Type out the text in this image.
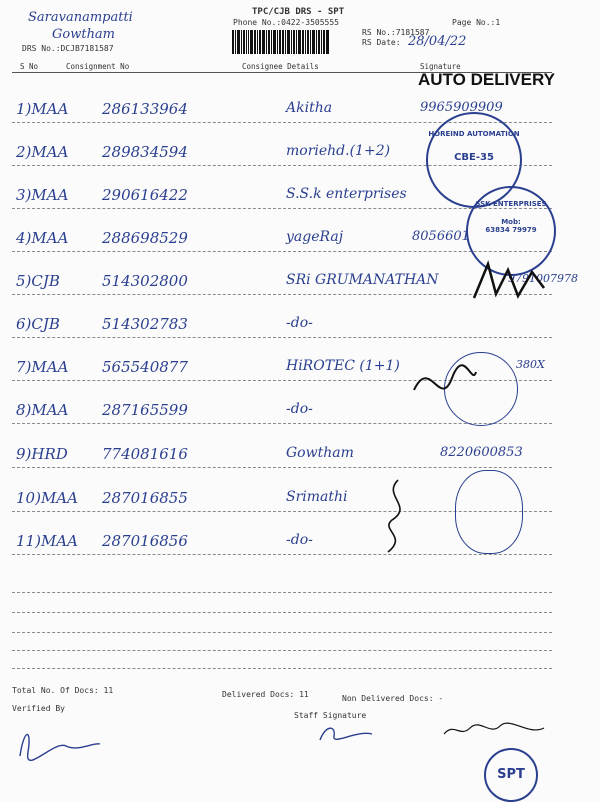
Saravanampatti
Gowtham
DRS No.:DCJB7181587
TPC/CJB DRS - SPT
Phone No.:0422-3505555	Page No.:1
RS No.:7181587
RS Date: 28/04/22
S No	Consignment No	Consignee Details	Signature
AUTO DELIVERY
1)MAA 286133964	Akitha	9965909909
2)MAA 289834594	moriehd.(1+2)
3)MAA 290616422	S.S.k enterprises
4)MAA 288698529	yageRaj	8056601
5)CJB	514302800	SRi GRUMANATHAN	9791007978
6)CJB	514302783	-do-
7)MAA 565540877	HiROTEC (1+1)	380X
8)MAA 287165599	-do-
9)HRD 774081616	Gowtham	8220600853
10)MAA 287016855	Srimathi
11)MAA 287016856	-do-
HOREIND AUTOMATION
CBE-35
SSK ENTERPRISES
Mob:
63834 79979
SPT
Total No. Of Docs: 11	Delivered Docs: 11	Non Delivered Docs: -
Verified By
Staff Signature
